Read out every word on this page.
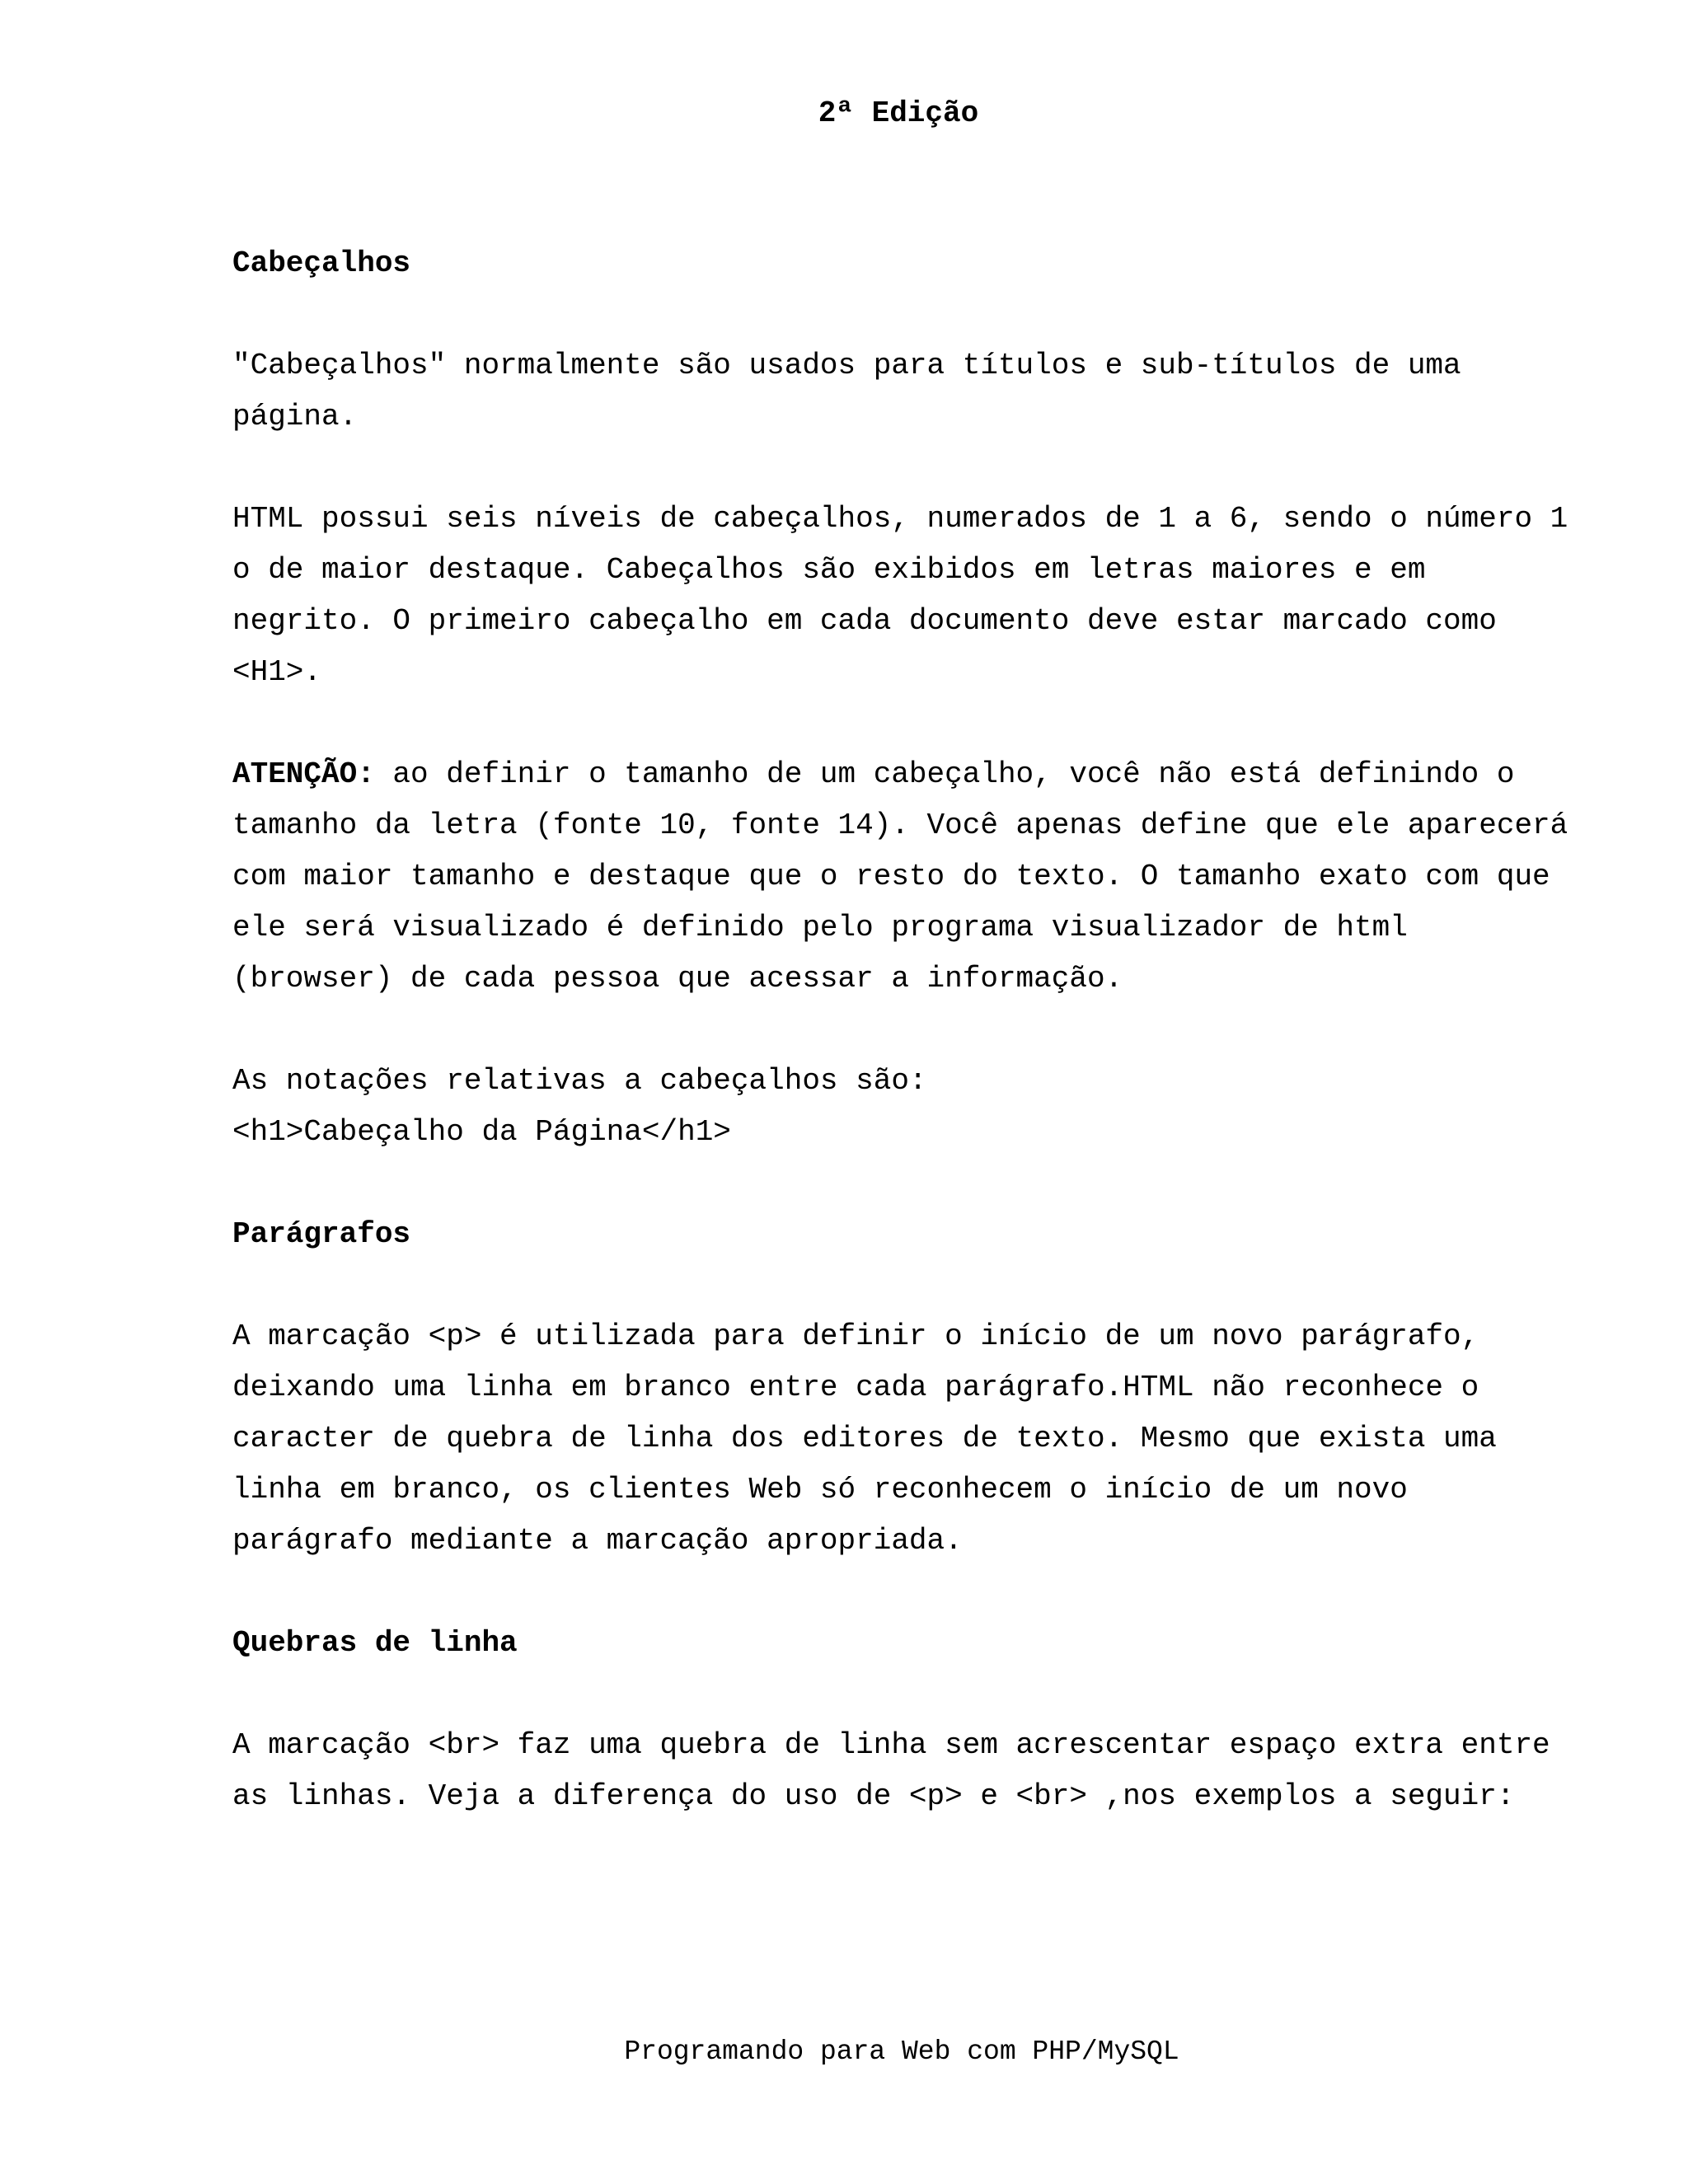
2ª Edição

Cabeçalhos

"Cabeçalhos" normalmente são usados para títulos e sub-títulos de uma página.

HTML possui seis níveis de cabeçalhos, numerados de 1 a 6, sendo o número 1 o de maior destaque. Cabeçalhos são exibidos em letras maiores e em negrito. O primeiro cabeçalho em cada documento deve estar marcado como <H1>.

ATENÇÃO: ao definir o tamanho de um cabeçalho, você não está definindo o tamanho da letra (fonte 10, fonte 14). Você apenas define que ele aparecerá com maior tamanho e destaque que o resto do texto. O tamanho exato com que ele será visualizado é definido pelo programa visualizador de html (browser) de cada pessoa que acessar a informação.

As notações relativas a cabeçalhos são:

<h1>Cabeçalho da Página</h1>

Parágrafos

A marcação <p> é utilizada para definir o início de um novo parágrafo, deixando uma linha em branco entre cada parágrafo.HTML não reconhece o caracter de quebra de linha dos editores de texto. Mesmo que exista uma linha em branco, os clientes Web só reconhecem o início de um novo parágrafo mediante a marcação apropriada.

Quebras de linha

A marcação <br> faz uma quebra de linha sem acrescentar espaço extra entre as linhas. Veja a diferença do uso de <p> e <br> ,nos exemplos a seguir:

Programando para Web com PHP/MySQL
